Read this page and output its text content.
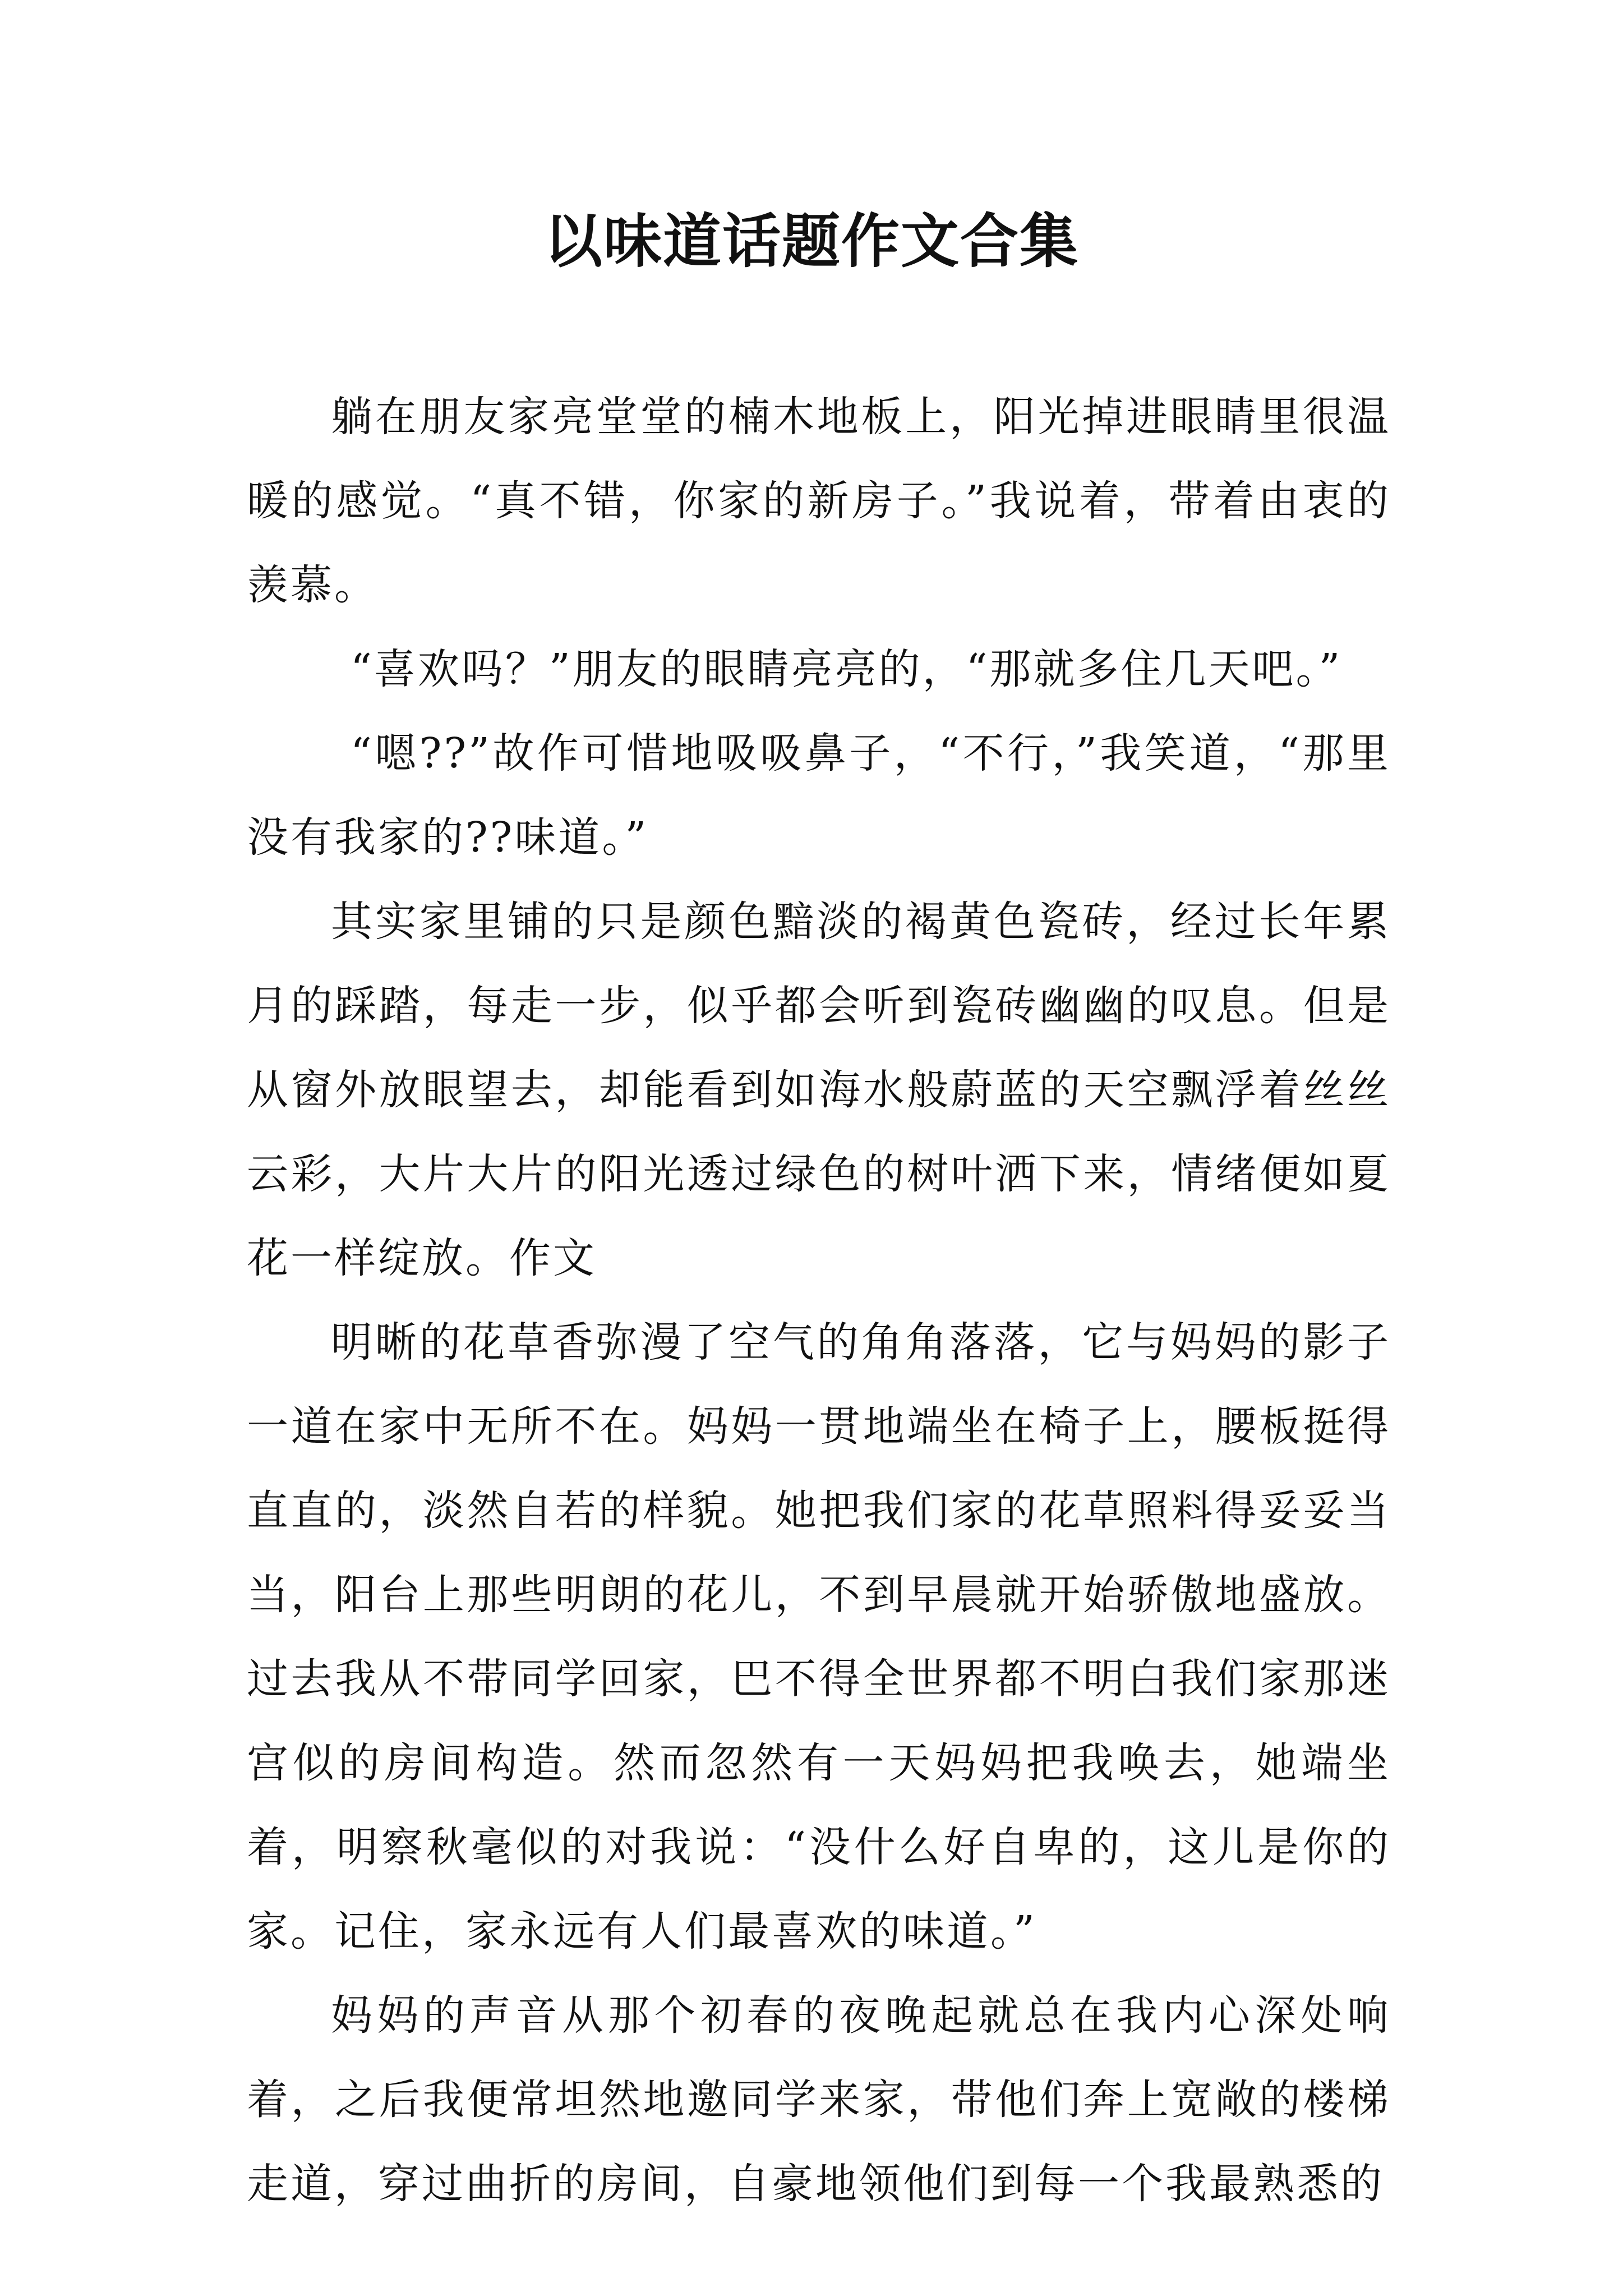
以味道话题作文合集

躺在朋友家亮堂堂的楠木地板上，阳光掉进眼睛里很温暖的感觉。“真不错，你家的新房子。”我说着，带着由衷的羡慕。

“喜欢吗？”朋友的眼睛亮亮的，“那就多住几天吧。”

“嗯??”故作可惜地吸吸鼻子，“不行，”我笑道，“那里没有我家的??味道。”

其实家里铺的只是颜色黯淡的褐黄色瓷砖，经过长年累月的踩踏，每走一步，似乎都会听到瓷砖幽幽的叹息。但是从窗外放眼望去，却能看到如海水般蔚蓝的天空飘浮着丝丝云彩，大片大片的阳光透过绿色的树叶洒下来，情绪便如夏花一样绽放。作文

明晰的花草香弥漫了空气的角角落落，它与妈妈的影子一道在家中无所不在。妈妈一贯地端坐在椅子上，腰板挺得直直的，淡然自若的样貌。她把我们家的花草照料得妥妥当当，阳台上那些明朗的花儿，不到早晨就开始骄傲地盛放。过去我从不带同学回家，巴不得全世界都不明白我们家那迷宫似的房间构造。然而忽然有一天妈妈把我唤去，她端坐着，明察秋毫似的对我说：“没什么好自卑的，这儿是你的家。记住，家永远有人们最喜欢的味道。”

妈妈的声音从那个初春的夜晚起就总在我内心深处响着，之后我便常坦然地邀同学来家，带他们奔上宽敞的楼梯走道，穿过曲折的房间，自豪地领他们到每一个我最熟悉的
